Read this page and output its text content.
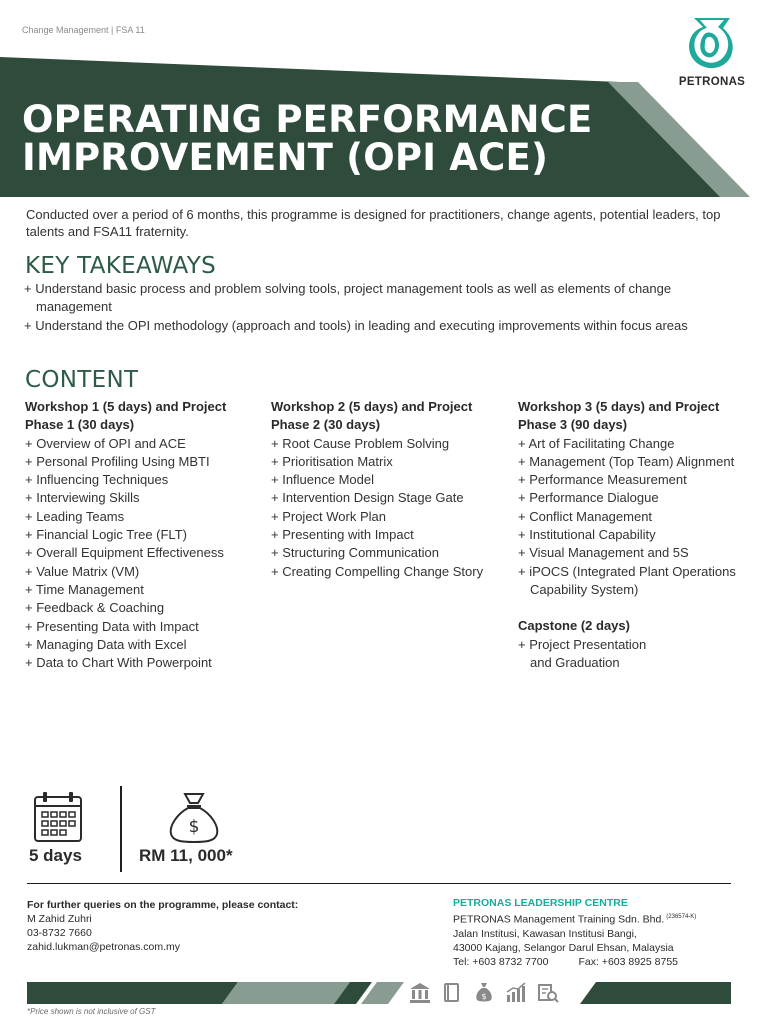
Change Management | FSA 11
PETRONAS
OPERATING PERFORMANCE
IMPROVEMENT (OPI ACE)

Conducted over a period of 6 months, this programme is designed for practitioners, change agents, potential leaders, top talents and FSA11 fraternity.

KEY TAKEAWAYS
+ Understand basic process and problem solving tools, project management tools as well as elements of change management
+ Understand the OPI methodology (approach and tools) in leading and executing improvements within focus areas
CONTENT
Workshop 1 (5 days) and Project Phase 1 (30 days)
+ Overview of OPI and ACE
+ Personal Profiling Using MBTI
+ Influencing Techniques
+ Interviewing Skills
+ Leading Teams
+ Financial Logic Tree (FLT)
+ Overall Equipment Effectiveness
+ Value Matrix (VM)
+ Time Management
+ Feedback & Coaching
+ Presenting Data with Impact
+ Managing Data with Excel
+ Data to Chart With Powerpoint
Workshop 2 (5 days) and Project Phase 2 (30 days)
+ Root Cause Problem Solving
+ Prioritisation Matrix
+ Influence Model
+ Intervention Design Stage Gate
+ Project Work Plan
+ Presenting with Impact
+ Structuring Communication
+ Creating Compelling Change Story
Workshop 3 (5 days) and Project Phase 3 (90 days)
+ Art of Facilitating Change
+ Management (Top Team) Alignment
+ Performance Measurement
+ Performance Dialogue
+ Conflict Management
+ Institutional Capability
+ Visual Management and 5S
+ iPOCS (Integrated Plant Operations Capability System)
Capstone (2 days)
+ Project Presentation and Graduation
$
5 days	RM 11, 000*
For further queries on the programme, please contact:
M Zahid Zuhri
03-8732 7660
zahid.lukman@petronas.com.my
PETRONAS LEADERSHIP CENTRE
PETRONAS Management Training Sdn. Bhd. $^{(236574-K)}$
Jalan Institusi, Kawasan Institusi Bangi,
43000 Kajang, Selangor Darul Ehsan, Malaysia
Tel: +603 8732 7700	Fax: +603 8925 8755
$
*Price shown is not inclusive of GST
